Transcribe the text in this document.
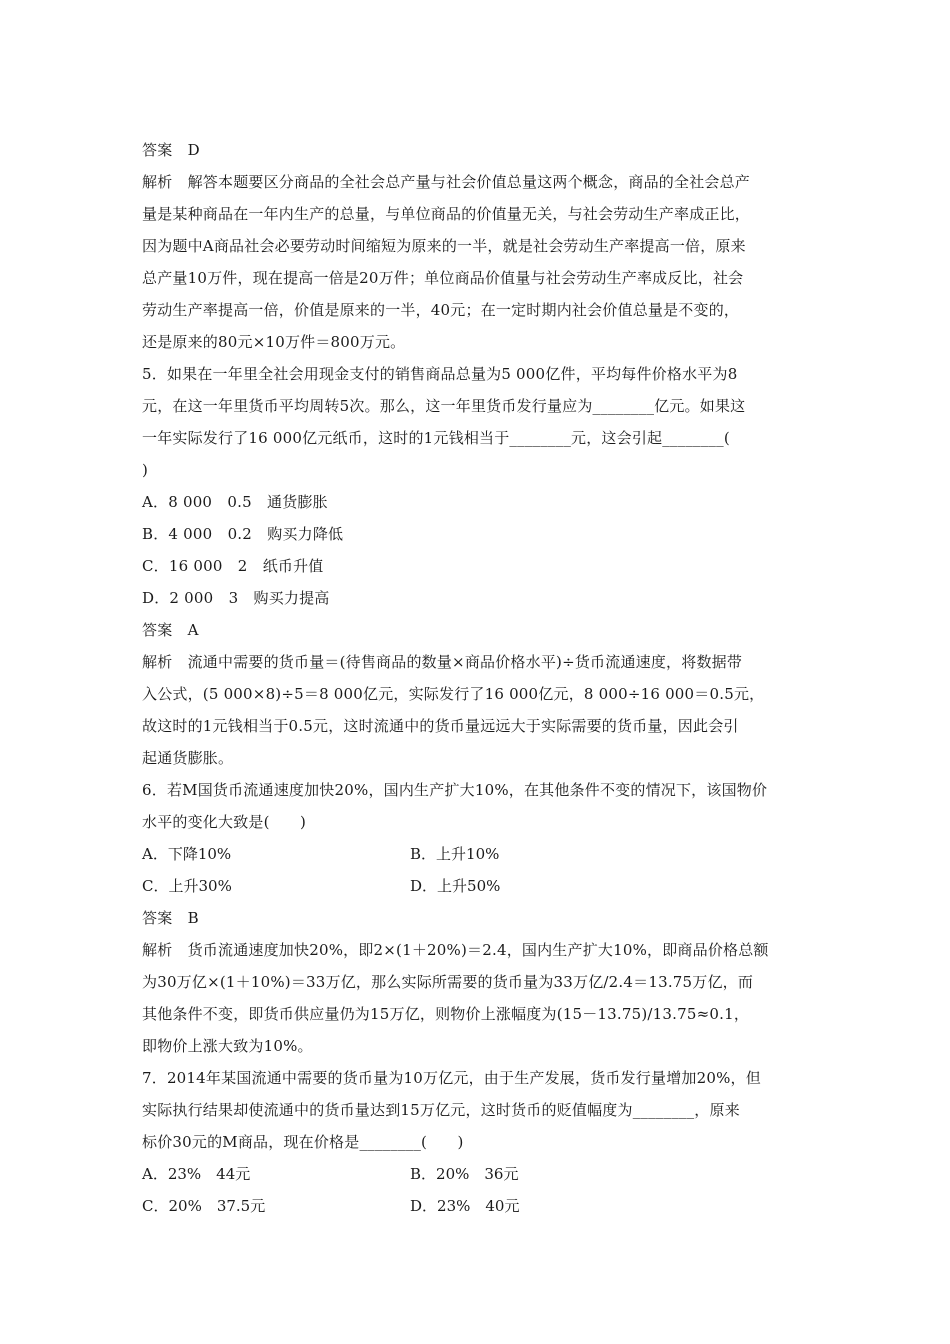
答案　D
解析　解答本题要区分商品的全社会总产量与社会价值总量这两个概念，商品的全社会总产
量是某种商品在一年内生产的总量，与单位商品的价值量无关，与社会劳动生产率成正比，
因为题中A商品社会必要劳动时间缩短为原来的一半，就是社会劳动生产率提高一倍，原来
总产量10万件，现在提高一倍是20万件；单位商品价值量与社会劳动生产率成反比，社会
劳动生产率提高一倍，价值是原来的一半，40元；在一定时期内社会价值总量是不变的，
还是原来的80元×10万件＝800万元。
5．如果在一年里全社会用现金支付的销售商品总量为5 000亿件，平均每件价格水平为8
元，在这一年里货币平均周转5次。那么，这一年里货币发行量应为________亿元。如果这
一年实际发行了16 000亿元纸币，这时的1元钱相当于________元，这会引起________(
)
A．8 000　0.5　通货膨胀
B．4 000　0.2　购买力降低
C．16 000　2　纸币升值
D．2 000　3　购买力提高
答案　A
解析　流通中需要的货币量＝(待售商品的数量×商品价格水平)÷货币流通速度，将数据带
入公式，(5 000×8)÷5＝8 000亿元，实际发行了16 000亿元，8 000÷16 000＝0.5元，
故这时的1元钱相当于0.5元，这时流通中的货币量远远大于实际需要的货币量，因此会引
起通货膨胀。
6．若M国货币流通速度加快20%，国内生产扩大10%，在其他条件不变的情况下，该国物价
水平的变化大致是(　　)
A．下降10%	B．上升10%
C．上升30%	D．上升50%
答案　B
解析　货币流通速度加快20%，即2×(1＋20%)＝2.4，国内生产扩大10%，即商品价格总额
为30万亿×(1＋10%)＝33万亿，那么实际所需要的货币量为33万亿/2.4＝13.75万亿，而
其他条件不变，即货币供应量仍为15万亿，则物价上涨幅度为(15－13.75)/13.75≈0.1，
即物价上涨大致为10%。
7．2014年某国流通中需要的货币量为10万亿元，由于生产发展，货币发行量增加20%，但
实际执行结果却使流通中的货币量达到15万亿元，这时货币的贬值幅度为________，原来
标价30元的M商品，现在价格是________(　　)
A．23%　44元	B．20%　36元
C．20%　37.5元	D．23%　40元
